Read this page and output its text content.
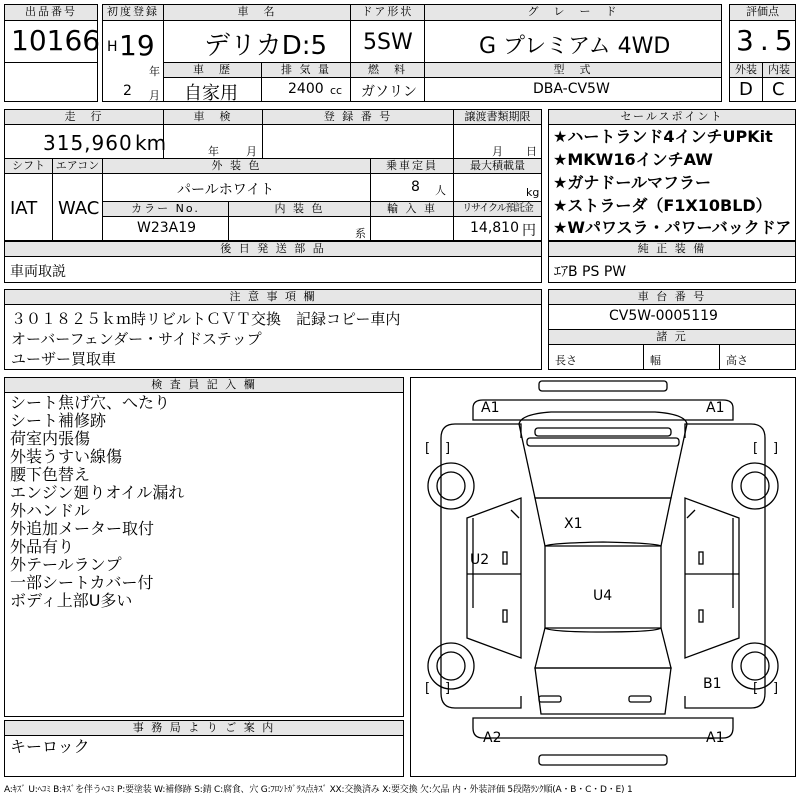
出品番号
10166
初度登録
H 19
年
2 月
車　名
デリカD:5
ドア形状
5SW
グ　レ　ー　ド
G プレミアム 4WD
評価点
3.5
車　歴
自家用
排 気 量
2400 cc
燃　料
ガソリン
型　式
DBA-CV5W
外装	内装
D C
走　行
315,960 km
車　検
年 月
登 録 番 号	譲渡書類期限
月 日
シフト
IAT
エアコン
WAC
外 装 色
パールホワイト
乗車定員
8 人
最大積載量
kg
カラー No.
W23A19
内 装 色
系
輸 入 車	リサイクル預託金
14,810 円
セールスポイント
★ハートランド4インチUPKit
★MKW16インチAW
★ガナドールマフラー
★ストラーダ（F1X10BLD）
★Wパワスラ・パワーバックドア
後 日 発 送 部 品
車両取説
純 正 装 備
ｴｱB PS PW
注 意 事 項 欄
３０１８２５ｋｍ時リビルトＣＶＴ交換　記録コピー車内
オーバーフェンダー・サイドステップ
ユーザー買取車
車 台 番 号
CV5W-0005119
諸 元
長さ	幅	高さ
検 査 員 記 入 欄
シート焦げ穴、へたり
シート補修跡
荷室内張傷
外装うすい線傷
腰下色替え
エンジン廻りオイル漏れ
外ハンドル
外追加メーター取付
外品有り
外テールランプ
一部シートカバー付
ボディ上部U多い
事 務 局 よ り ご 案 内
キーロック
[ ]	[ ]
[ ]	[ ]
A1	A1
X1
U2
U4
B1
A2	A1
A:ｷｽﾞ U:ﾍｺﾐ B:ｷｽﾞを伴うﾍｺﾐ P:要塗装 W:補修跡 S:錆 C:腐食、穴 G:ﾌﾛﾝﾄｶﾞﾗｽ点ｷｽﾞ XX:交換済み X:要交換 欠:欠品 内・外装評価 5段階ﾗﾝｸ順(A・B・C・D・E) 1
